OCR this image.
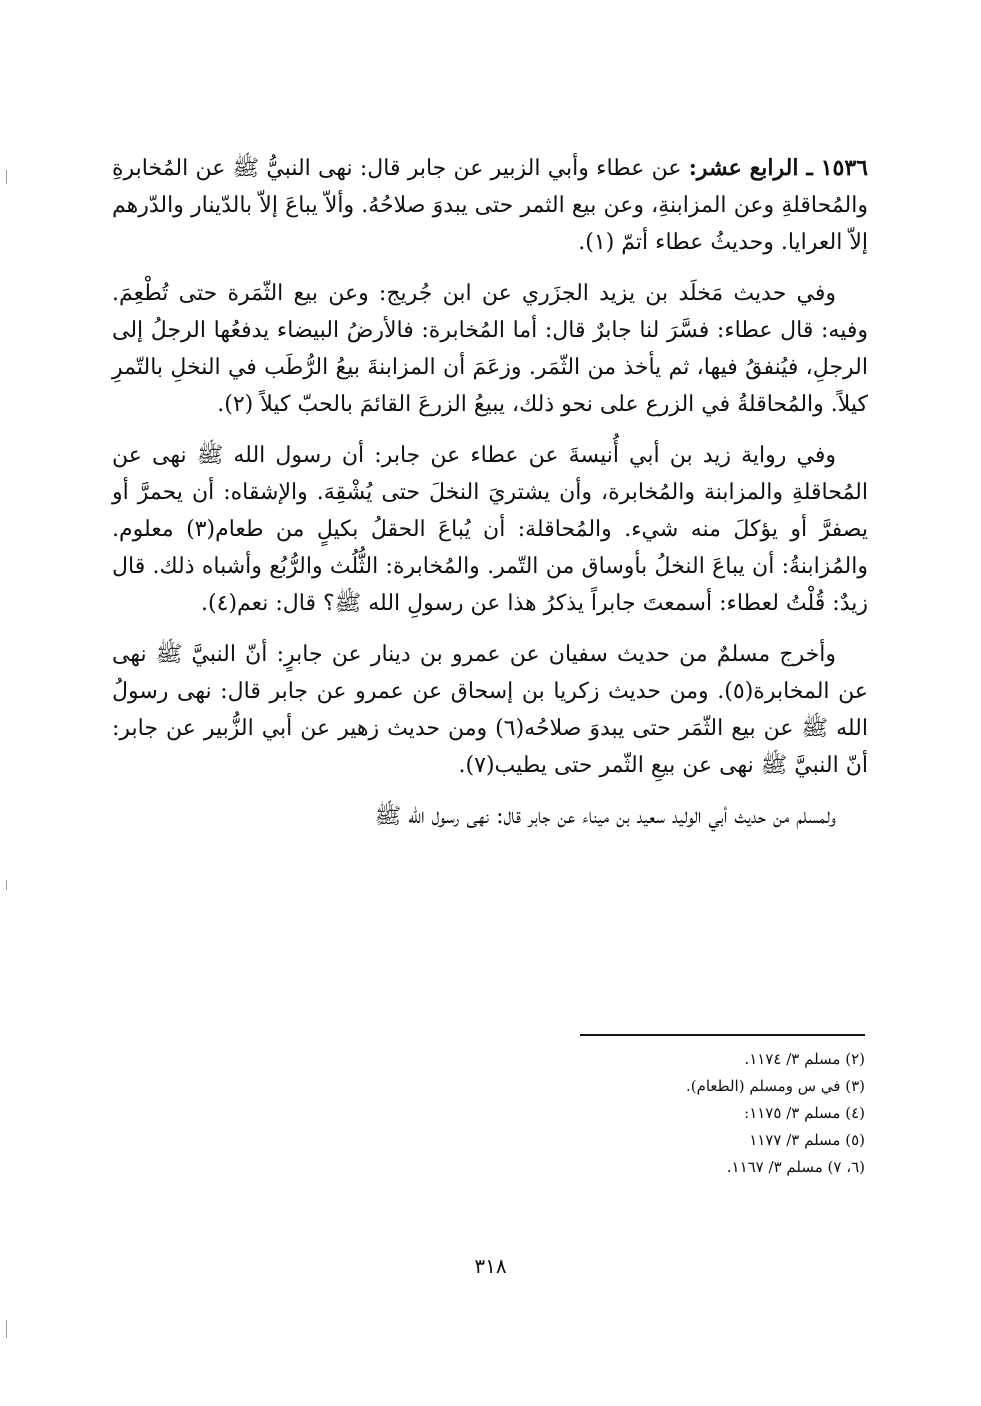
١٥٣٦ ـ الرابع عشر: عن عطاء وأبي الزبير عن جابر قال: نهى النبيُّ ﷺ عن المُخابرةِ والمُحاقلةِ وعن المزابنةِ، وعن بيع الثمر حتى يبدوَ صلاحُهُ. وألاّ يباعَ إلاّ بالدّينار والدّرهم إلاّ العرايا. وحديثُ عطاء أتمّ (١).

وفي حديث مَخلَد بن يزيد الجزَري عن ابن جُريج: وعن بيع الثّمَرة حتى تُطْعِمَ. وفيه: قال عطاء: فسَّرَ لنا جابرٌ قال: أما المُخابرة: فالأرضُ البيضاء يدفعُها الرجلُ إلى الرجلِ، فيُنفقُ فيها، ثم يأخذ من الثّمَر. وزعَمَ أن المزابنةَ بيعُ الرُّطَب في النخلِ بالتّمرِ كيلاً. والمُحاقلةُ في الزرع على نحو ذلك، يبيعُ الزرعَ القائمَ بالحبّ كيلاً (٢).

وفي رواية زيد بن أبي أُنيسةَ عن عطاء عن جابر: أن رسول الله ﷺ نهى عن المُحاقلةِ والمزابنة والمُخابرة، وأن يشتريَ النخلَ حتى يُشْقِهَ. والإشقاه: أن يحمرَّ أو يصفرَّ أو يؤكلَ منه شيء. والمُحاقلة: أن يُباعَ الحقلُ بكيلٍ من طعام(٣) معلوم. والمُزابنةُ: أن يباعَ النخلُ بأوساق من التّمر. والمُخابرة: الثُّلُث والرُّبُع وأشباه ذلك. قال زيدٌ: قُلْتُ لعطاء: أسمعتَ جابراً يذكرُ هذا عن رسولِ الله ﷺ؟ قال: نعم(٤).

وأخرج مسلمٌ من حديث سفيان عن عمرو بن دينار عن جابرٍ: أنّ النبيَّ ﷺ نهى عن المخابرة(٥). ومن حديث زكريا بن إسحاق عن عمرو عن جابر قال: نهى رسولُ الله ﷺ عن بيع الثّمَر حتى يبدوَ صلاحُه(٦) ومن حديث زهير عن أبي الزُّبير عن جابر: أنّ النبيَّ ﷺ نهى عن بيعِ الثّمر حتى يطيب(٧).

ولمسلم من حديث أبي الوليد سعيد بن ميناء عن جابر قال: نهى رسول الله ﷺ

(٢) مسلم ٣/ ١١٧٤.
(٣) في س ومسلم (الطعام).
(٤) مسلم ٣/ ١١٧٥:
(٥) مسلم ٣/ ١١٧٧
(٦، ٧) مسلم ٣/ ١١٦٧.
٣١٨
